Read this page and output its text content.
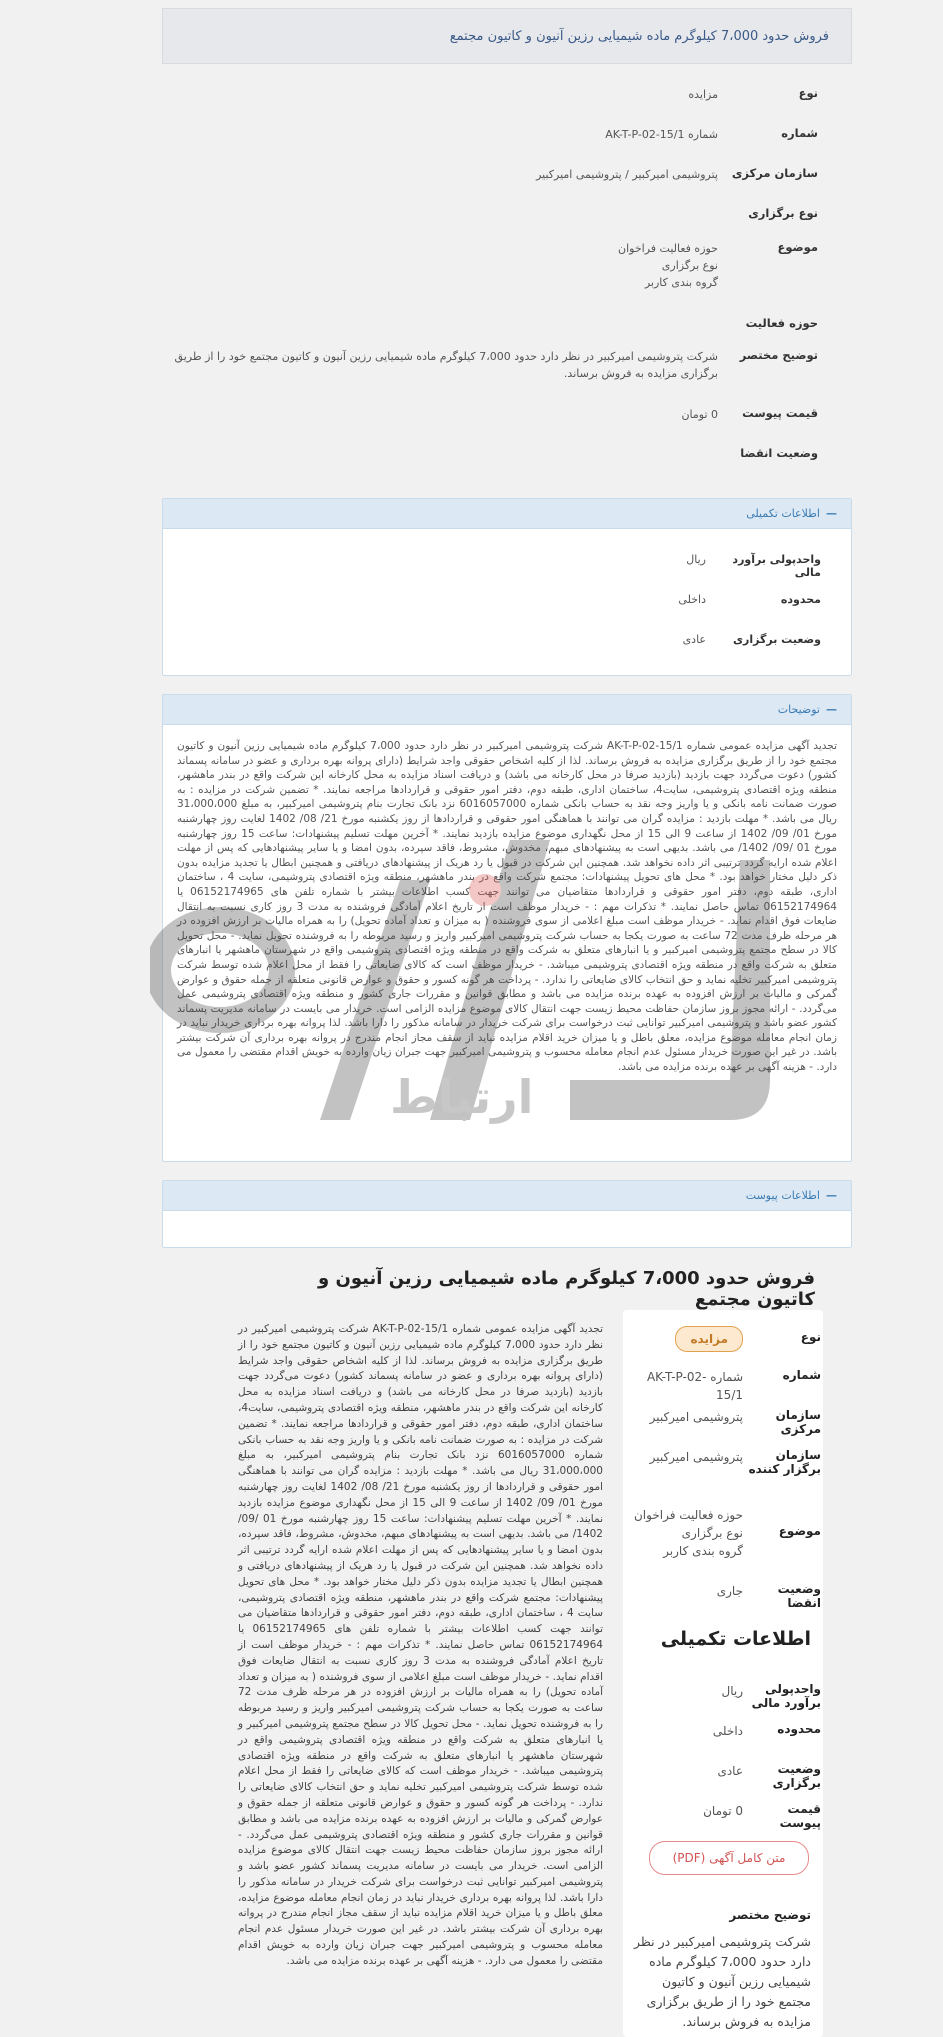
فروش حدود 7،000 کیلوگرم ماده شیمیایی رزین آنیون و کاتیون مجتمع
نوع
مزایده
شماره
شماره AK-T-P-02-15/1
سازمان مرکزی
پتروشیمی امیرکبیر / پتروشیمی امیرکبیر
نوع برگزاری
موضوع
حوزه فعالیت فراخوان
نوع برگزاری
گروه بندی کاربر
حوزه فعالیت
توضیح مختصر
شرکت پتروشیمی امیرکبیر در نظر دارد حدود 7،000 کیلوگرم ماده شیمیایی رزین آنیون و کاتیون مجتمع خود را از طریق برگزاری مزایده به فروش برساند.
قیمت پیوست
0 تومان
وضعیت انقضا
—
اطلاعات تکمیلی
واحدپولی برآورد مالی
ریال
محدوده
داخلی
وضعیت برگزاری
عادی
—
توضیحات
تجدید آگهی مزایده عمومی شماره AK-T-P-02-15/1 شرکت پتروشیمی امیرکبیر در نظر دارد حدود 7،000 کیلوگرم ماده شیمیایی رزین آنیون و کاتیون مجتمع خود را از طریق برگزاری مزایده به فروش برساند. لذا از کلیه اشخاص حقوقی واجد شرایط (دارای پروانه بهره برداری و عضو در سامانه پسماند کشور) دعوت می‌گردد جهت بازدید (بازدید صرفا در محل کارخانه می باشد) و دریافت اسناد مزایده به محل کارخانه این شرکت واقع در بندر ماهشهر، منطقه ویژه اقتصادی پتروشیمی، سایت4، ساختمان اداری، طبقه دوم، دفتر امور حقوقی و قراردادها مراجعه نمایند. * تضمین شرکت در مزایده : به صورت ضمانت نامه بانکی و یا واریز وجه نقد به حساب بانکی شماره 6016057000 نزد بانک تجارت بنام پتروشیمی امیرکبیر، به مبلغ 31،000،000 ریال می باشد. * مهلت بازدید : مزایده گران می توانند با هماهنگی امور حقوقی و قراردادها از روز یکشنبه مورخ 21/ 08/ 1402 لغایت روز چهارشنبه مورخ 01/ 09/ 1402 از ساعت 9 الی 15 از محل نگهداری موضوع مزایده بازدید نمایند. * آخرین مهلت تسلیم پیشنهادات: ساعت 15 روز چهار‌شنبه مورخ 01 /09/ 1402/ می باشد. بدیهی است به پیشنهادهای مبهم، مخدوش، مشروط، فاقد سپرده، بدون امضا و یا سایر پیشنهادهایی که پس از مهلت اعلام شده ارایه گردد ترتیبی اثر داده نخواهد شد. همچنین این شرکت در قبول یا رد هریک از پیشنهادهای دریافتی و همچنین ابطال یا تجدید مزایده بدون ذکر دلیل مختار خواهد بود. * محل های تحویل پیشنهادات: مجتمع شرکت واقع در بندر ماهشهر، منطقه ویژه اقتصادی پتروشیمی، سایت 4 ، ساختمان اداری، طبقه دوم، دفتر امور حقوقی و قراردادها متقاضیان می توانند جهت کسب اطلاعات بیشتر با شماره تلفن های 06152174965 یا 06152174964 تماس حاصل نمایند. * تذکرات مهم : - خریدار موظف است از تاریخ اعلام آمادگی فروشنده به مدت 3 روز کاری نسبت به انتقال ضایعات فوق اقدام نماید. - خریدار موظف است مبلغ اعلامی از سوی فروشنده ( به میزان و تعداد آماده تحویل) را به همراه مالیات بر ارزش افزوده در هر مرحله ظرف مدت 72 ساعت به صورت یکجا به حساب شرکت پتروشیمی امیرکبیر واریز و رسید مربوطه را به فروشنده تحویل نماید. - محل تحویل کالا در سطح مجتمع پتروشیمی امیرکبیر و یا انبارهای متعلق به شرکت واقع در منطقه ویژه اقتصادی پتروشیمی واقع در شهرستان ماهشهر یا انبارهای متعلق به شرکت واقع در منطقه ویژه اقتصادی پتروشیمی میباشد. - خریدار موظف است که کالای ضایعاتی را فقط از محل اعلام شده توسط شرکت پتروشیمی امیرکبیر تخلیه نماید و حق انتخاب کالای ضایعاتی را ندارد. - پرداخت هر گونه کسور و حقوق و عوارض قانونی متعلقه از جمله حقوق و عوارض گمرکی و مالیات بر ارزش افزوده به عهده برنده مزایده می باشد و مطابق قوانین و مقررات جاری کشور و منطقه ویژه اقتصادی پتروشیمی عمل می‌گردد. - ارائه مجوز بروز سازمان حفاظت محیط زیست جهت انتقال کالای موضوع مزایده الزامی است. خریدار می بایست در سامانه مدیریت پسماند کشور عضو باشد و پتروشیمی امیرکبیر توانایی ثبت درخواست برای شرکت خریدار در سامانه مذکور را دارا باشد. لذا پروانه بهره برداری خریدار نباید در زمان انجام معامله موضوع مزایده، معلق باطل و یا میزان خرید اقلام مزایده نباید از سقف مجاز انجام مندرج در پروانه بهره برداری آن شرکت بیشتر باشد. در غیر این صورت خریدار مسئول عدم انجام معامله محسوب و پتروشیمی امیرکبیر جهت جبران زیان وارده به خویش اقدام مقتضی را معمول می دارد. - هزینه آگهی بر عهده برنده مزایده می باشد.
ارتباط
—
اطلاعات پیوست
فروش حدود 7،000 کیلوگرم ماده شیمیایی رزین آنیون و کاتیون مجتمع
نوع
مزایده
شماره
شماره AK-T-P-02-15/1
سازمان مرکزی
پتروشیمی امیرکبیر
سازمان برگزار کننده
پتروشیمی امیرکبیر
موضوع
حوزه فعالیت فراخوان
نوع برگزاری
گروه بندی کاربر
وضعیت انقضا
جاری
اطلاعات تکمیلی
واحدپولی برآورد مالی
ریال
محدوده
داخلی
وضعیت برگزاری
عادی
قیمت پیوست
0 تومان
متن کامل آگهی (PDF)
توضیح مختصر
شرکت پتروشیمی امیرکبیر در نظر دارد حدود 7،000 کیلوگرم ماده شیمیایی رزین آنیون و کاتیون مجتمع خود را از طریق برگزاری مزایده به فروش برساند.
تجدید آگهی مزایده عمومی شماره AK-T-P-02-15/1 شرکت پتروشیمی امیرکبیر در نظر دارد حدود 7،000 کیلوگرم ماده شیمیایی رزین آنیون و کاتیون مجتمع خود را از طریق برگزاری مزایده به فروش برساند. لذا از کلیه اشخاص حقوقی واجد شرایط (دارای پروانه بهره برداری و عضو در سامانه پسماند کشور) دعوت می‌گردد جهت بازدید (بازدید صرفا در محل کارخانه می باشد) و دریافت اسناد مزایده به محل کارخانه این شرکت واقع در بندر ماهشهر، منطقه ویژه اقتصادی پتروشیمی، سایت4، ساختمان اداری، طبقه دوم، دفتر امور حقوقی و قراردادها مراجعه نمایند. * تضمین شرکت در مزایده : به صورت ضمانت نامه بانکی و یا واریز وجه نقد به حساب بانکی شماره 6016057000 نزد بانک تجارت بنام پتروشیمی امیرکبیر، به مبلغ 31،000،000 ریال می باشد. * مهلت بازدید : مزایده گران می توانند با هماهنگی امور حقوقی و قراردادها از روز یکشنبه مورخ 21/ 08/ 1402 لغایت روز چهارشنبه مورخ 01/ 09/ 1402 از ساعت 9 الی 15 از محل نگهداری موضوع مزایده بازدید نمایند. * آخرین مهلت تسلیم پیشنهادات: ساعت 15 روز چهار‌شنبه مورخ 01 /09/ 1402/ می باشد. بدیهی است به پیشنهادهای مبهم، مخدوش، مشروط، فاقد سپرده، بدون امضا و یا سایر پیشنهادهایی که پس از مهلت اعلام شده ارایه گردد ترتیبی اثر داده نخواهد شد. همچنین این شرکت در قبول یا رد هریک از پیشنهادهای دریافتی و همچنین ابطال یا تجدید مزایده بدون ذکر دلیل مختار خواهد بود. * محل های تحویل پیشنهادات: مجتمع شرکت واقع در بندر ماهشهر، منطقه ویژه اقتصادی پتروشیمی، سایت 4 ، ساختمان اداری، طبقه دوم، دفتر امور حقوقی و قراردادها متقاضیان می توانند جهت کسب اطلاعات بیشتر با شماره تلفن های 06152174965 یا 06152174964 تماس حاصل نمایند. * تذکرات مهم : - خریدار موظف است از تاریخ اعلام آمادگی فروشنده به مدت 3 روز کاری نسبت به انتقال ضایعات فوق اقدام نماید. - خریدار موظف است مبلغ اعلامی از سوی فروشنده ( به میزان و تعداد آماده تحویل) را به همراه مالیات بر ارزش افزوده در هر مرحله ظرف مدت 72 ساعت به صورت یکجا به حساب شرکت پتروشیمی امیرکبیر واریز و رسید مربوطه را به فروشنده تحویل نماید. - محل تحویل کالا در سطح مجتمع پتروشیمی امیرکبیر و یا انبارهای متعلق به شرکت واقع در منطقه ویژه اقتصادی پتروشیمی واقع در شهرستان ماهشهر یا انبارهای متعلق به شرکت واقع در منطقه ویژه اقتصادی پتروشیمی میباشد. - خریدار موظف است که کالای ضایعاتی را فقط از محل اعلام شده توسط شرکت پتروشیمی امیرکبیر تخلیه نماید و حق انتخاب کالای ضایعاتی را ندارد. - پرداخت هر گونه کسور و حقوق و عوارض قانونی متعلقه از جمله حقوق و عوارض گمرکی و مالیات بر ارزش افزوده به عهده برنده مزایده می باشد و مطابق قوانین و مقررات جاری کشور و منطقه ویژه اقتصادی پتروشیمی عمل می‌گردد. - ارائه مجوز بروز سازمان حفاظت محیط زیست جهت انتقال کالای موضوع مزایده الزامی است. خریدار می بایست در سامانه مدیریت پسماند کشور عضو باشد و پتروشیمی امیرکبیر توانایی ثبت درخواست برای شرکت خریدار در سامانه مذکور را دارا باشد. لذا پروانه بهره برداری خریدار نباید در زمان انجام معامله موضوع مزایده، معلق باطل و یا میزان خرید اقلام مزایده نباید از سقف مجاز انجام مندرج در پروانه بهره برداری آن شرکت بیشتر باشد. در غیر این صورت خریدار مسئول عدم انجام معامله محسوب و پتروشیمی امیرکبیر جهت جبران زیان وارده به خویش اقدام مقتضی را معمول می دارد. - هزینه آگهی بر عهده برنده مزایده می باشد.
